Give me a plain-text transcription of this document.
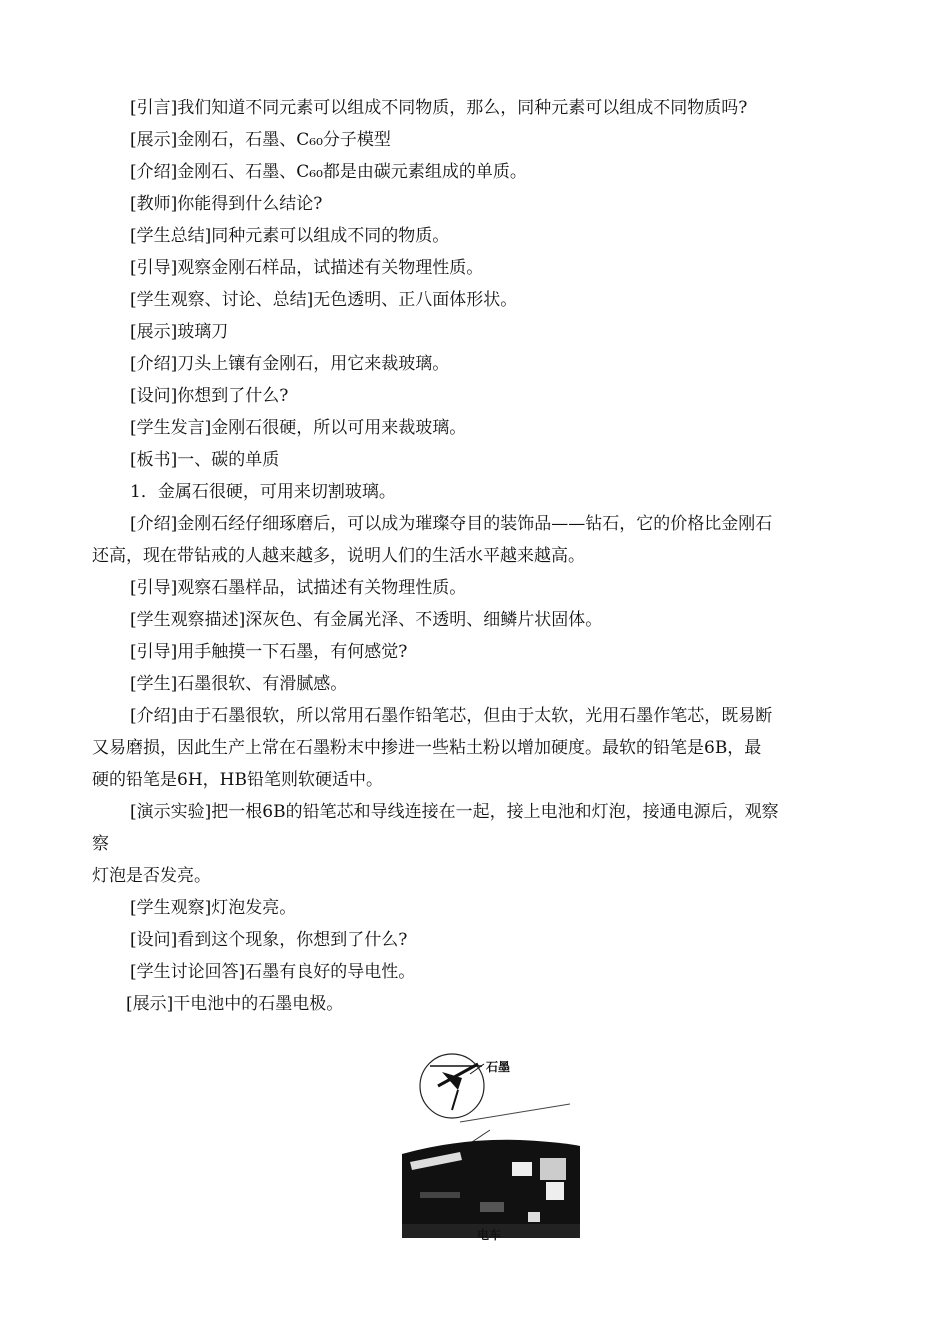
[引言]我们知道不同元素可以组成不同物质，那么，同种元素可以组成不同物质吗?
[展示]金刚石，石墨、C₆₀分子模型
[介绍]金刚石、石墨、C₆₀都是由碳元素组成的单质。
[教师]你能得到什么结论?
[学生总结]同种元素可以组成不同的物质。
[引导]观察金刚石样品，试描述有关物理性质。
[学生观察、讨论、总结]无色透明、正八面体形状。
[展示]玻璃刀
[介绍]刀头上镶有金刚石，用它来裁玻璃。
[设问]你想到了什么?
[学生发言]金刚石很硬，所以可用来裁玻璃。
[板书]一、碳的单质
1．金属石很硬，可用来切割玻璃。
[介绍]金刚石经仔细琢磨后，可以成为璀璨夺目的装饰品——钻石，它的价格比金刚石
还高，现在带钻戒的人越来越多，说明人们的生活水平越来越高。
[引导]观察石墨样品，试描述有关物理性质。
[学生观察描述]深灰色、有金属光泽、不透明、细鳞片状固体。
[引导]用手触摸一下石墨，有何感觉?
[学生]石墨很软、有滑腻感。
[介绍]由于石墨很软，所以常用石墨作铅笔芯，但由于太软，光用石墨作笔芯，既易断
又易磨损，因此生产上常在石墨粉末中掺进一些粘土粉以增加硬度。最软的铅笔是6B，最
硬的铅笔是6H，HB铅笔则软硬适中。
[演示实验]把一根6B的铅笔芯和导线连接在一起，接上电池和灯泡，接通电源后，观察
察
灯泡是否发亮。
[学生观察]灯泡发亮。
[设问]看到这个现象，你想到了什么?
[学生讨论回答]石墨有良好的导电性。
[展示]干电池中的石墨电极。
石墨
电车
